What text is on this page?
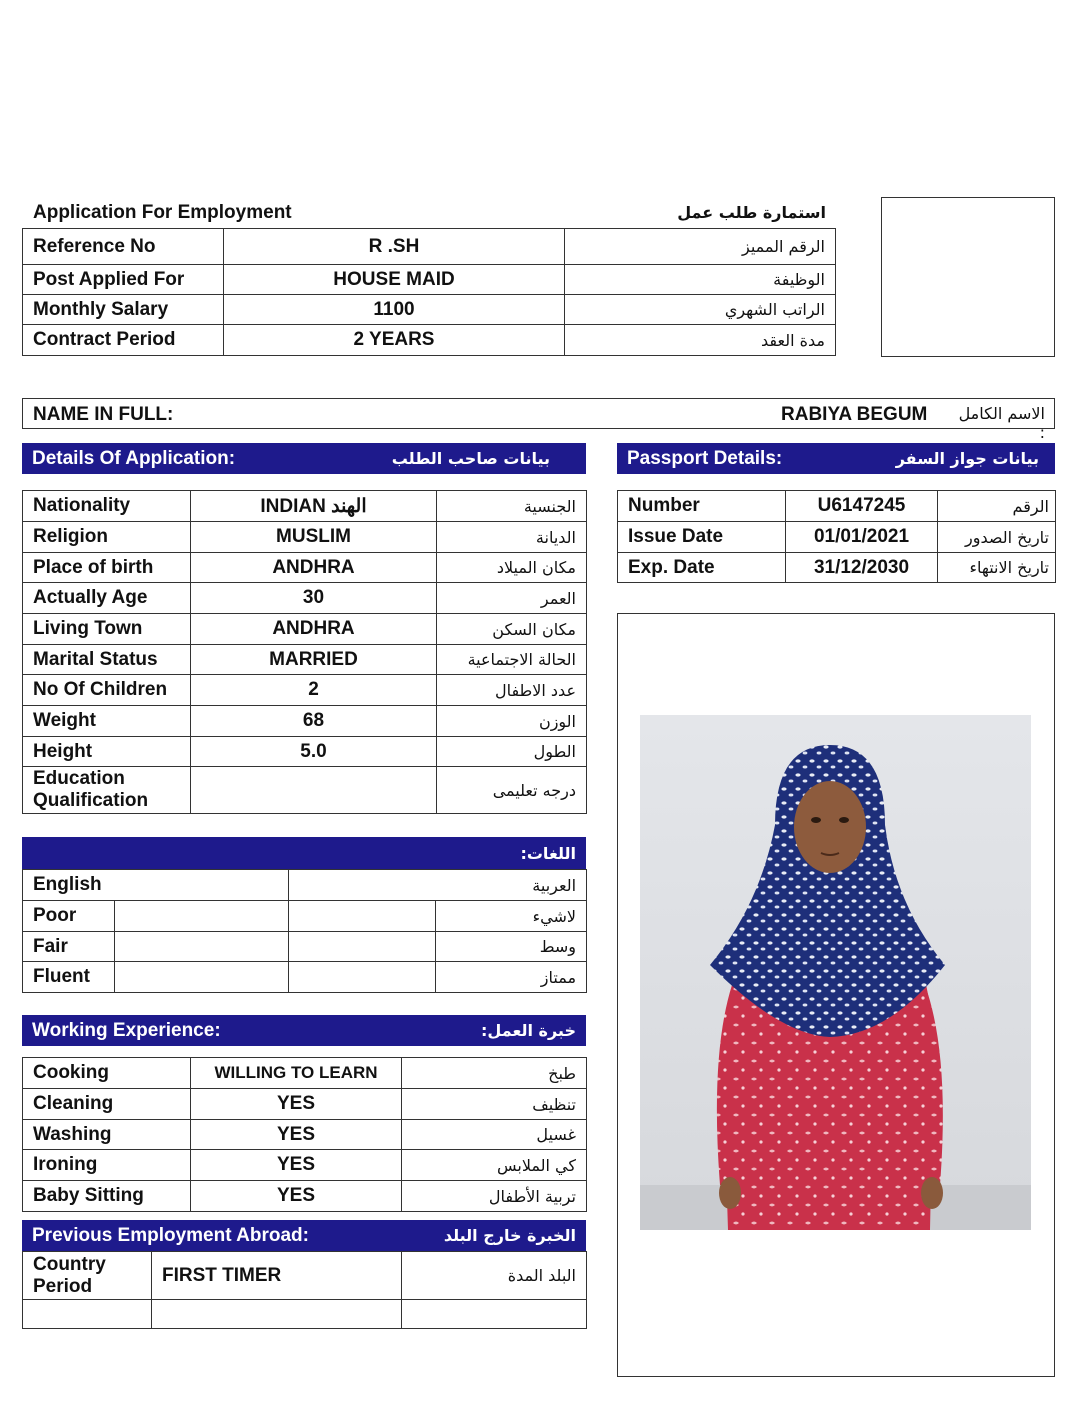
Application For Employment	استمارة طلب عمل
Reference No	R .SH	الرقم المميز
Post Applied For	HOUSE MAID	الوظيفة
Monthly Salary	1100	الراتب الشهري
Contract Period	2 YEARS	مدة العقد
NAME IN FULL:	RABIYA BEGUM	الاسم الكامل :
Details Of Application:	بيانات صاحب الطلب	Passport Details:	بيانات جواز السفر
Nationality	INDIAN الهند	الجنسية
Religion	MUSLIM	الديانة
Place of birth	ANDHRA	مكان الميلاد
Actually Age	30	العمر
Living Town	ANDHRA	مكان السكن
Marital Status	MARRIED	الحالة الاجتماعية
No Of Children	2	عدد الاطفال
Weight	68	الوزن
Height	5.0	الطول

Education
Qualification		درجه تعليمى
Number	U6147245	الرقم
Issue Date	01/01/2021	تاريخ الصدور
Exp. Date	31/12/2030	تاريخ الانتهاء
اللغات:
English		العربية	
Poor			لاشيء
Fair			وسط
Fluent			ممتاز
Working Experience:	خبرة العمل:
Cooking	WILLING TO LEARN	طبخ
Cleaning	YES	تنظيف
Washing	YES	غسيل
Ironing	YES	كي الملابس
Baby Sitting	YES	تربية الأطفال
Previous Employment Abroad:	الخبرة خارج البلد
Country
Period	FIRST TIMER	البلد المدة
